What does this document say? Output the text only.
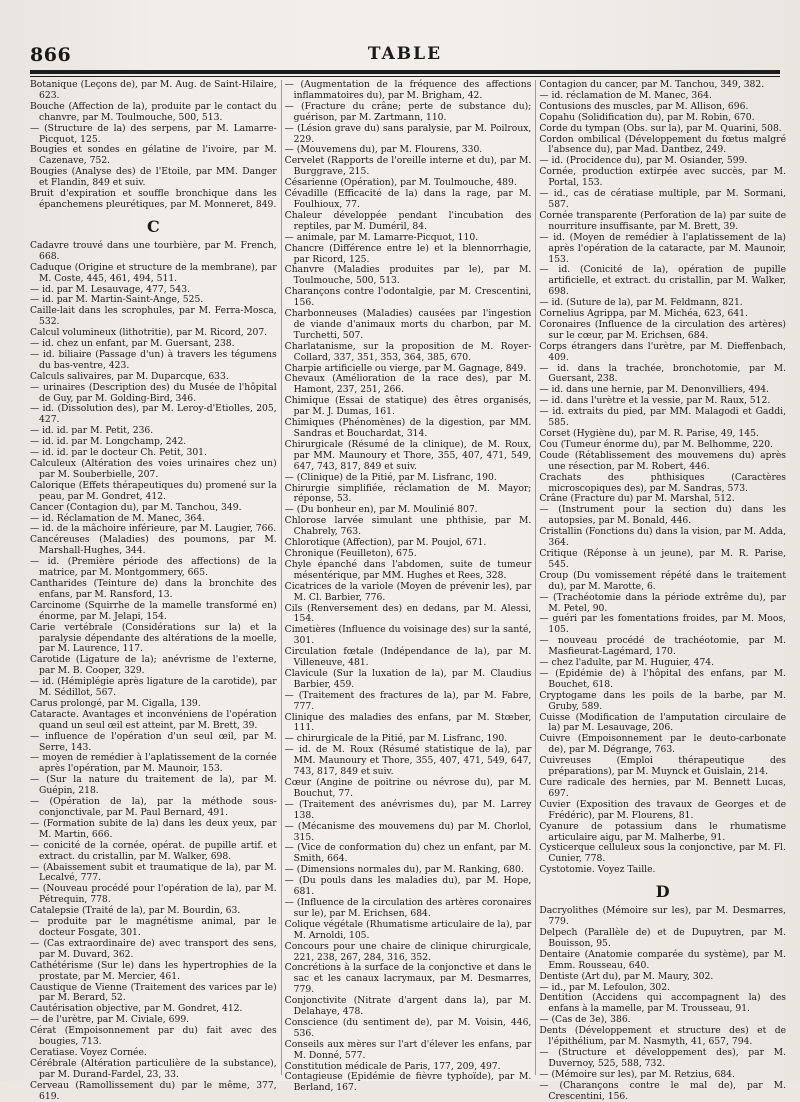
866	TABLE

Botanique (Leçons de), par M. Aug. de Saint-Hilaire, 623.

Bouche (Affection de la), produite par le contact du chanvre, par M. Toulmouche, 500, 513.

— (Structure de la) des serpens, par M. Lamarre-Picquot, 125.

Bougies et sondes en gélatine de l'ivoire, par M. Cazenave, 752.

Bougies (Analyse des) de l'Etoile, par MM. Danger et Flandin, 849 et suiv.

Bruit d'expiration et souffle bronchique dans les épanchemens pleurétiques, par M. Monneret, 849.

C

Cadavre trouvé dans une tourbière, par M. French, 668.

Caduque (Origine et structure de la membrane), par M. Coste, 445, 461, 494, 511.

— id. par M. Lesauvage, 477, 543.

— id. par M. Martin-Saint-Ange, 525.

Caille-lait dans les scrophules, par M. Ferra-Mosca, 532.

Calcul volumineux (lithotritie), par M. Ricord, 207.

— id. chez un enfant, par M. Guersant, 238.

— id. biliaire (Passage d'un) à travers les tégumens du bas-ventre, 423.

Calculs salivaires, par M. Duparcque, 633.

— urinaires (Description des) du Musée de l'hôpital de Guy, par M. Golding-Bird, 346.

— id. (Dissolution des), par M. Leroy-d'Etiolles, 205, 427.

— id. id. par M. Petit, 236.

— id. id. par M. Longchamp, 242.

— id. id. par le docteur Ch. Petit, 301.

Calculeux (Altération des voies urinaires chez un) par M. Souberbielle, 207.

Calorique (Effets thérapeutiques du) promené sur la peau, par M. Gondret, 412.

Cancer (Contagion du), par M. Tanchou, 349.

— id. Réclamation de M. Manec, 364.

— id. de la mâchoire inférieure, par M. Laugier, 766.

Cancéreuses (Maladies) des poumons, par M. Marshall-Hughes, 344.

— id. (Première période des affections) de la matrice, par M. Montgommery, 665.

Cantharides (Teinture de) dans la bronchite des enfans, par M. Ransford, 13.

Carcinome (Squirrhe de la mamelle transformé en) énorme, par M. Jelapi, 154.

Carie vertébrale (Considérations sur la) et la paralysie dépendante des altérations de la moelle, par M. Laurence, 117.

Carotide (Ligature de la); anévrisme de l'externe, par M. B. Cooper, 329.

— id. (Hémiplégie après ligature de la carotide), par M. Sédillot, 567.

Carus prolongé, par M. Cigalla, 139.

Cataracte. Avantages et inconvéniens de l'opération quand un seul œil est atteint, par M. Brett, 39.

— influence de l'opération d'un seul œil, par M. Serre, 143.

— moyen de remédier à l'aplatissement de la cornée après l'opération, par M. Maunoir, 153.

— (Sur la nature du traitement de la), par M. Guépin, 218.

— (Opération de la), par la méthode sous-conjonctivale, par M. Paul Bernard, 491.

— (Formation subite de la) dans les deux yeux, par M. Martin, 666.

— conicité de la cornée, opérat. de pupille artif. et extract. du cristallin, par M. Walker, 698.

— (Abaissement subit et traumatique de la), par M. Lecalvé, 777.

— (Nouveau procédé pour l'opération de la), par M. Pétrequin, 778.

Catalepsie (Traité de la), par M. Bourdin, 63.

— produite par le magnétisme animal, par le docteur Fosgate, 301.

— (Cas extraordinaire de) avec transport des sens, par M. Duvard, 362.

Cathétérisme (Sur le) dans les hypertrophies de la prostate, par M. Mercier, 461.

Caustique de Vienne (Traitement des varices par le) par M. Berard, 52.

Cautérisation objective, par M. Gondret, 412.

— de l'urètre, par M. Civiale, 699.

Cérat (Empoisonnement par du) fait avec des bougies, 713.

Ceratiase. Voyez Cornée.

Cérébrale (Altération particulière de la substance), par M. Durand-Fardel, 23, 33.

Cerveau (Ramollissement du) par le même, 377, 619.

— (Augmentation de la fréquence des affections inflammatoires du), par M. Brigham, 42.

— (Fracture du crâne; perte de substance du); guérison, par M. Zartmann, 110.

— (Lésion grave du) sans paralysie, par M. Poilroux, 229.

— (Mouvemens du), par M. Flourens, 330.

Cervelet (Rapports de l'oreille interne et du), par M. Burggrave, 215.

Césarienne (Opération), par M. Toulmouche, 489.

Cévadille (Efficacité de la) dans la rage, par M. Foulhioux, 77.

Chaleur développée pendant l'incubation des reptiles, par M. Duméril, 84.

— animale, par M. Lamarre-Picquot, 110.

Chancre (Différence entre le) et la blennorrhagie, par Ricord, 125.

Chanvre (Maladies produites par le), par M. Toulmouche, 500, 513.

Charançons contre l'odontalgie, par M. Crescentini, 156.

Charbonneuses (Maladies) causées par l'ingestion de viande d'animaux morts du charbon, par M. Turchetti, 507.

Charlatanisme, sur la proposition de M. Royer-Collard, 337, 351, 353, 364, 385, 670.

Charpie artificielle ou vierge, par M. Gagnage, 849.

Chevaux (Amélioration de la race des), par M. Hamont, 237, 251, 266.

Chimique (Essai de statique) des êtres organisés, par M. J. Dumas, 161.

Chimiques (Phénomènes) de la digestion, par MM. Sandras et Bouchardat, 314.

Chirurgicale (Résumé de la clinique), de M. Roux, par MM. Maunoury et Thore, 355, 407, 471, 549, 647, 743, 817, 849 et suiv.

— (Clinique) de la Pitié, par M. Lisfranc, 190.

Chirurgie simplifiée, réclamation de M. Mayor; réponse, 53.

— (Du bonheur en), par M. Moulinié 807.

Chlorose larvée simulant une phthisie, par M. Chabrely, 763.

Chlorotique (Affection), par M. Poujol, 671.

Chronique (Feuilleton), 675.

Chyle épanché dans l'abdomen, suite de tumeur mésentérique, par MM. Hughes et Rees, 328.

Cicatrices de la variole (Moyen de prévenir les), par M. Cl. Barbier, 776.

Cils (Renversement des) en dedans, par M. Alessi, 154.

Cimetières (Influence du voisinage des) sur la santé, 301.

Circulation fœtale (Indépendance de la), par M. Villeneuve, 481.

Clavicule (Sur la luxation de la), par M. Claudius Barbier, 459.

— (Traitement des fractures de la), par M. Fabre, 777.

Clinique des maladies des enfans, par M. Stœber, 111.

— chirurgicale de la Pitié, par M. Lisfranc, 190.

— id. de M. Roux (Résumé statistique de la), par MM. Maunoury et Thore, 355, 407, 471, 549, 647, 743, 817, 849 et suiv.

Cœur (Angine de poitrine ou névrose du), par M. Bouchut, 77.

— (Traitement des anévrismes du), par M. Larrey 138.

— (Mécanisme des mouvemens du) par M. Chorlol, 315.

— (Vice de conformation du) chez un enfant, par M. Smith, 664.

— (Dimensions normales du), par M. Ranking, 680.

— (Du pouls dans les maladies du), par M. Hope, 681.

— (Influence de la circulation des artères coronaires sur le), par M. Erichsen, 684.

Colique végétale (Rhumatisme articulaire de la), par M. Arnoldi, 105.

Concours pour une chaire de clinique chirurgicale, 221, 238, 267, 284, 316, 352.

Concrétions à la surface de la conjonctive et dans le sac et les canaux lacrymaux, par M. Desmarres, 779.

Conjonctivite (Nitrate d'argent dans la), par M. Delahaye, 478.

Conscience (du sentiment de), par M. Voisin, 446, 536.

Conseils aux mères sur l'art d'élever les enfans, par M. Donné, 577.

Constitution médicale de Paris, 177, 209, 497.

Contagieuse (Epidémie de fièvre typhoïde), par M. Berland, 167.

Contagion du cancer, par M. Tanchou, 349, 382.

— id. réclamation de M. Manec, 364.

Contusions des muscles, par M. Allison, 696.

Copahu (Solidification du), par M. Robin, 670.

Corde du tympan (Obs. sur la), par M. Quarini, 508.

Cordon ombilical (Développement du fœtus malgré l'absence du), par Mad. Dantbez, 249.

— id. (Procidence du), par M. Osiander, 599.

Cornée, production extirpée avec succès, par M. Portal, 153.

— id., cas de cératiase multiple, par M. Sormani, 587.

Cornée transparente (Perforation de la) par suite de nourriture insuffisante, par M. Brett, 39.

— id. (Moyen de remédier à l'aplatissement de la) après l'opération de la cataracte, par M. Maunoir, 153.

— id. (Conicité de la), opération de pupille artificielle, et extract. du cristallin, par M. Walker, 698.

— id. (Suture de la), par M. Feldmann, 821.

Cornelius Agrippa, par M. Michéa, 623, 641.

Coronaires (Influence de la circulation des artères) sur le cœur, par M. Erichsen, 684.

Corps étrangers dans l'urètre, par M. Dieffenbach, 409.

— id. dans la trachée, bronchotomie, par M. Guersant, 238.

— id. dans une hernie, par M. Denonvilliers, 494.

— id. dans l'urètre et la vessie, par M. Raux, 512.

— id. extraits du pied, par MM. Malagodi et Gaddi, 585.

Corset (Hygiène du), par M. R. Parise, 49, 145.

Cou (Tumeur énorme du), par M. Belhomme, 220.

Coude (Rétablissement des mouvemens du) après une résection, par M. Robert, 446.

Crachats des phthisiques (Caractères microscopiques des), par M. Sandras, 573.

Crâne (Fracture du) par M. Marshal, 512.

— (Instrument pour la section du) dans les autopsies, par M. Bonald, 446.

Cristallin (Fonctions du) dans la vision, par M. Adda, 364.

Critique (Réponse à un jeune), par M. R. Parise, 545.

Croup (Du vomissement répété dans le traitement du), par M. Marotte, 6.

— (Trachéotomie dans la période extrême du), par M. Petel, 90.

— guéri par les fomentations froides, par M. Moos, 105.

— nouveau procédé de trachéotomie, par M. Masfieurat-Lagémard, 170.

— chez l'adulte, par M. Huguier, 474.

— (Epidémie de) à l'hôpital des enfans, par M. Bouchet, 618.

Cryptogame dans les poils de la barbe, par M. Gruby, 589.

Cuisse (Modification de l'amputation circulaire de la) par M. Lesauvage, 206.

Cuivre (Empoisonnement par le deuto-carbonate de), par M. Dégrange, 763.

Cuivreuses (Emploi thérapeutique des préparations), par M. Muynck et Guislain, 214.

Cure radicale des hernies, par M. Bennett Lucas, 697.

Cuvier (Exposition des travaux de Georges et de Frédéric), par M. Flourens, 81.

Cyanure de potassium dans le rhumatisme articulaire aigu, par M. Malherbe, 91.

Cysticerque celluleux sous la conjonctive, par M. Fl. Cunier, 778.

Cystotomie. Voyez Taille.

D

Dacryolithes (Mémoire sur les), par M. Desmarres, 779.

Delpech (Parallèle de) et de Dupuytren, par M. Bouisson, 95.

Dentaire (Anatomie comparée du système), par M. Emm. Rousseau, 640.

Dentiste (Art du), par M. Maury, 302.

— id., par M. Lefoulon, 302.

Dentition (Accidens qui accompagnent la) des enfans à la mamelle, par M. Trousseau, 91.

— (Cas de 3e), 386.

Dents (Développement et structure des) et de l'épithélium, par M. Nasmyth, 41, 657, 794.

— (Structure et développement des), par M. Duvernoy, 525, 588, 732.

— (Mémoire sur les), par M. Retzius, 684.

— (Charançons contre le mal de), par M. Crescentini, 156.
